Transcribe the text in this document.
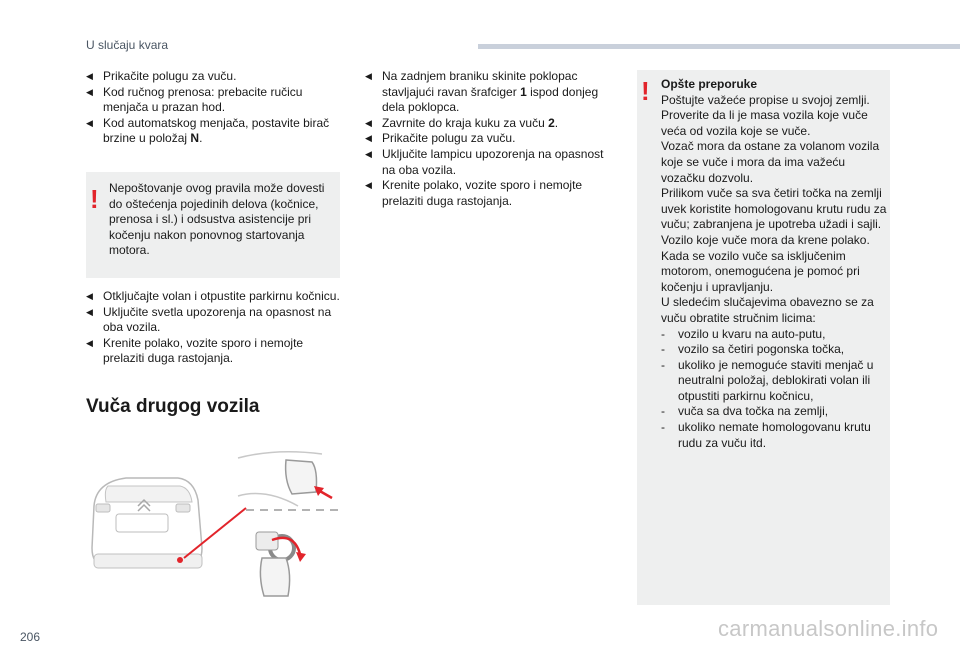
U slučaju kvara
◀ Prikačite polugu za vuču.
◀ Kod ručnog prenosa: prebacite ručicu menjača u prazan hod.
◀ Kod automatskog menjača, postavite birač brzine u položaj N.
! Nepoštovanje ovog pravila može dovesti do oštećenja pojedinih delova (kočnice, prenosa i sl.) i odsustva asistencije pri kočenju nakon ponovnog startovanja motora.
◀ Otključajte volan i otpustite parkirnu kočnicu.
◀ Uključite svetla upozorenja na opasnost na oba vozila.
◀ Krenite polako, vozite sporo i nemojte prelaziti duga rastojanja.
Vuča drugog vozila
◀ Na zadnjem braniku skinite poklopac stavljajući ravan šrafciger 1 ispod donjeg dela poklopca.
◀ Zavrnite do kraja kuku za vuču 2.
◀ Prikačite polugu za vuču.
◀ Uključite lampicu upozorenja na opasnost na oba vozila.
◀ Krenite polako, vozite sporo i nemojte prelaziti duga rastojanja.
! Opšte preporuke
Poštujte važeće propise u svojoj zemlji.
Proverite da li je masa vozila koje vuče veća od vozila koje se vuče.
Vozač mora da ostane za volanom vozila koje se vuče i mora da ima važeću vozačku dozvolu.
Prilikom vuče sa sva četiri točka na zemlji uvek koristite homologovanu krutu rudu za vuču; zabranjena je upotreba užadi i sajli.
Vozilo koje vuče mora da krene polako.
Kada se vozilo vuče sa isključenim motorom, onemogućena je pomoć pri kočenju i upravljanju.
U sledećim slučajevima obavezno se za vuču obratite stručnim licima:
- vozilo u kvaru na auto-putu,
- vozilo sa četiri pogonska točka,
- ukoliko je nemoguće staviti menjač u neutralni položaj, deblokirati volan ili otpustiti parkirnu kočnicu,
- vuča sa dva točka na zemlji,
- ukoliko nemate homologovanu krutu rudu za vuču itd.
206	carmanualsonline.info
